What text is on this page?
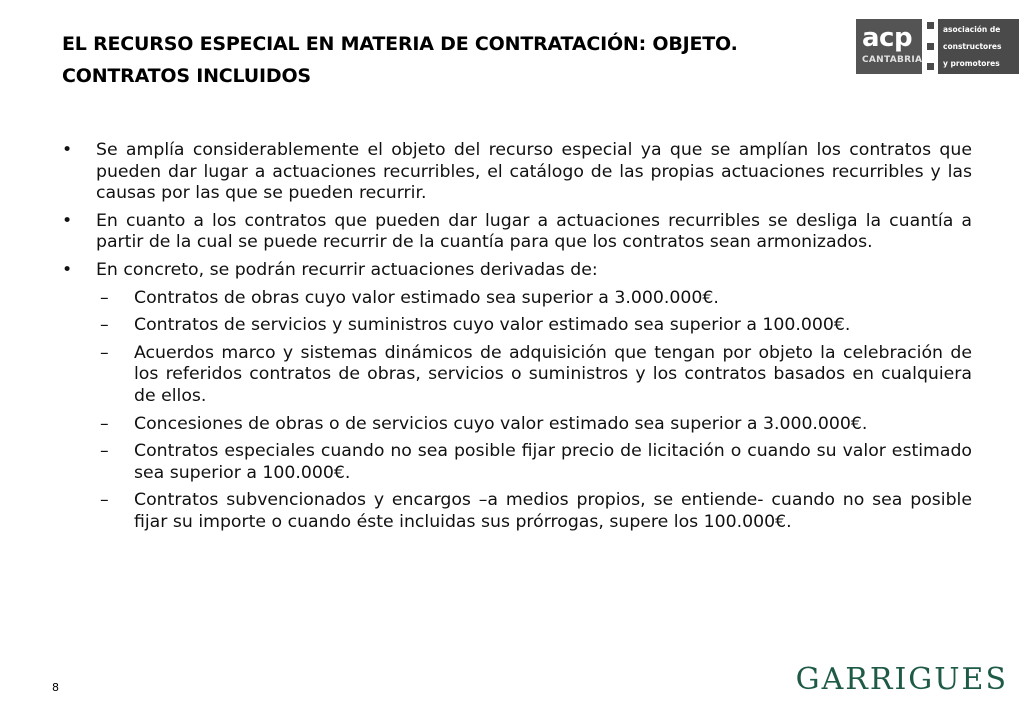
EL RECURSO ESPECIAL EN MATERIA DE CONTRATACIÓN: OBJETO.
CONTRATOS INCLUIDOS
acp
CANTABRIA
asociación de
constructores
y promotores
• Se amplía considerablemente el objeto del recurso especial ya que se amplían los contratos que pueden dar lugar a actuaciones recurribles, el catálogo de las propias actuaciones recurribles y las causas por las que se pueden recurrir.
• En cuanto a los contratos que pueden dar lugar a actuaciones recurribles se desliga la cuantía a partir de la cual se puede recurrir de la cuantía para que los contratos sean armonizados.
• En concreto, se podrán recurrir actuaciones derivadas de:
– Contratos de obras cuyo valor estimado sea superior a 3.000.000€.
– Contratos de servicios y suministros cuyo valor estimado sea superior a 100.000€.
– Acuerdos marco y sistemas dinámicos de adquisición que tengan por objeto la celebración de los referidos contratos de obras, servicios o suministros y los contratos basados en cualquiera de ellos.
– Concesiones de obras o de servicios cuyo valor estimado sea superior a 3.000.000€.
– Contratos especiales cuando no sea posible fijar precio de licitación o cuando su valor estimado sea superior a 100.000€.
– Contratos subvencionados y encargos –a medios propios, se entiende- cuando no sea posible fijar su importe o cuando éste incluidas sus prórrogas, supere los 100.000€.
8	GARRIGUES
